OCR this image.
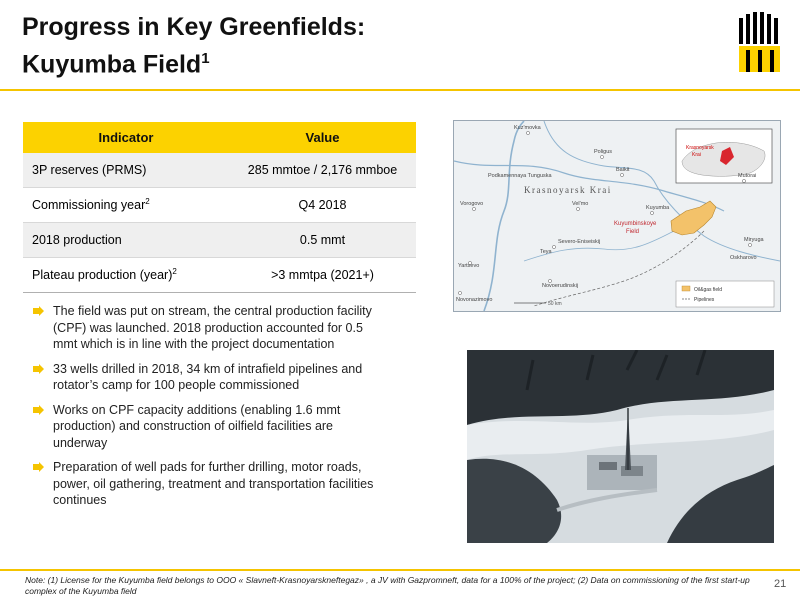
Progress in Key Greenfields:
Kuyumba Field$^1$
Indicator	Value
3P reserves (PRMS)	285 mmtoe / 2,176 mmboe
Commissioning year$^2$	Q4 2018
2018 production	0.5 mmt
Plateau production (year)$^2$	>3 mmtpa (2021+)
Krasnoyarsk
Krai
Kuz'movka
Poligus
Baikit
Mutorai
Podkamennaya Tunguska
Vorogovo	Vel'mo
Kuyumba
Miryuga
Oskharovo
Teya
Severo-Eniseiskij
Yartsevo
Novonazimovo
Novoerudinskij
Krasnoyarsk Krai
Kuyumbinskoye
Field
50 km
Oil&gas field
Pipelines
The field was put on stream, the central production facility (CPF) was launched. 2018 production accounted for 0.5 mmt which is in line with the project documentation
33 wells drilled in 2018, 34 km of intrafield pipelines and rotator’s camp for 100 people commissioned
Works on CPF capacity additions (enabling 1.6 mmt production) and construction of oilfield facilities are underway
Preparation of well pads for further drilling, motor roads, power, oil gathering, treatment and transportation facilities continues
Note: (1) License for the Kuyumba field belongs to OOO « Slavneft-Krasnoyarskneftegaz» , a JV with Gazpromneft, data for a 100% of the project; (2) Data on commissioning of the first start-up complex of the Kuyumba field
21
